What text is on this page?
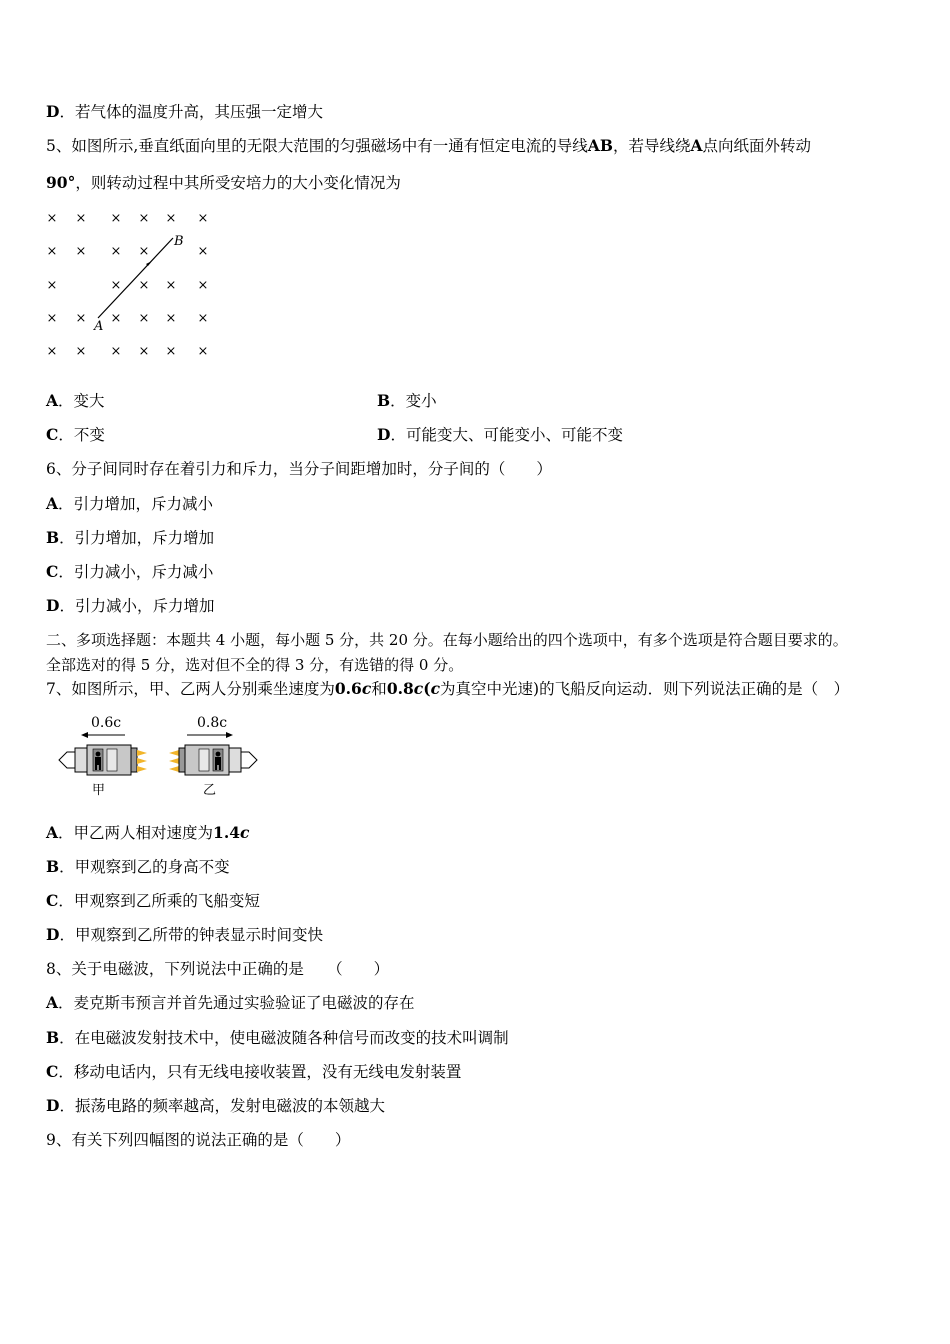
D．若气体的温度升高，其压强一定增大
5、如图所示,垂直纸面向里的无限大范围的匀强磁场中有一通有恒定电流的导线AB，若导线绕A点向纸面外转动
90°，则转动过程中其所受安培力的大小变化情况为
× × × × × ×
× × × ×	×
×	× × × ×
× × × × × ×
× × × × × ×
A
B
A．变大	B．变小
C．不变	D．可能变大、可能变小、可能不变
6、分子间同时存在着引力和斥力，当分子间距增加时，分子间的（　　）
A．引力增加，斥力减小
B．引力增加，斥力增加
C．引力减小，斥力减小
D．引力减小，斥力增加
二、多项选择题：本题共 4 小题，每小题 5 分，共 20 分。在每小题给出的四个选项中，有多个选项是符合题目要求的。
全部选对的得 5 分，选对但不全的得 3 分，有选错的得 0 分。
7、如图所示，甲、乙两人分别乘坐速度为0.6c和0.8c(c为真空中光速)的飞船反向运动．则下列说法正确的是（　）
0.6c	0.8c
甲	乙
A．甲乙两人相对速度为1.4c
B．甲观察到乙的身高不变
C．甲观察到乙所乘的飞船变短
D．甲观察到乙所带的钟表显示时间变快
8、关于电磁波，下列说法中正确的是　　（　　）
A．麦克斯韦预言并首先通过实验验证了电磁波的存在
B．在电磁波发射技术中，使电磁波随各种信号而改变的技术叫调制
C．移动电话内，只有无线电接收装置，没有无线电发射装置
D．振荡电路的频率越高，发射电磁波的本领越大
9、有关下列四幅图的说法正确的是（　　）
